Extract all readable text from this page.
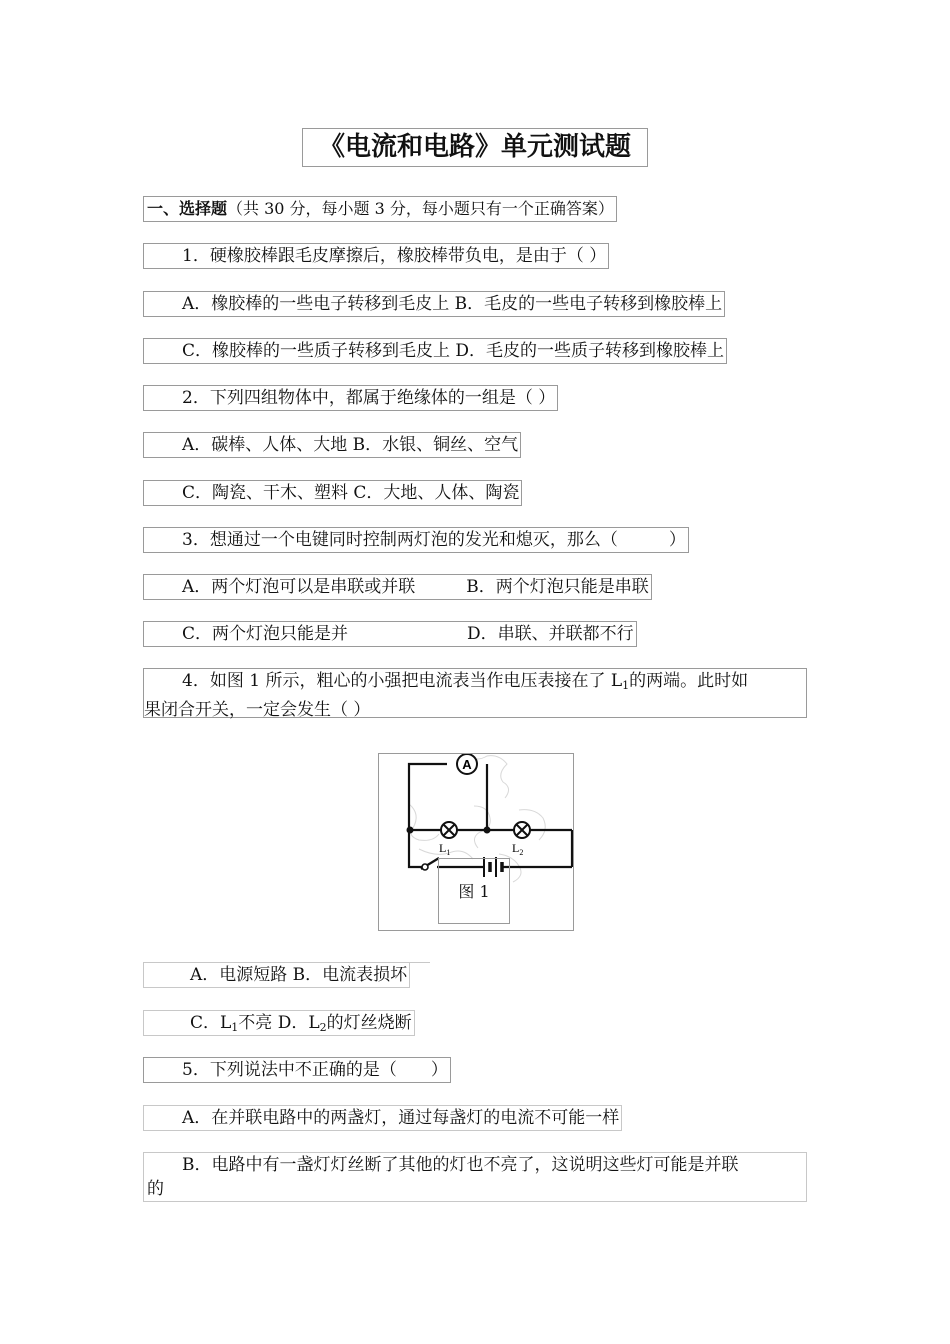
《电流和电路》单元测试题
一、选择题（共 30 分，每小题 3 分，每小题只有一个正确答案）
1．硬橡胶棒跟毛皮摩擦后，橡胶棒带负电，是由于（ ）
A．橡胶棒的一些电子转移到毛皮上 B．毛皮的一些电子转移到橡胶棒上
C．橡胶棒的一些质子转移到毛皮上 D．毛皮的一些质子转移到橡胶棒上
2．下列四组物体中，都属于绝缘体的一组是（ ）
A．碳棒、人体、大地 B．水银、铜丝、空气
C．陶瓷、干木、塑料 C．大地、人体、陶瓷
3．想通过一个电键同时控制两灯泡的发光和熄灭，那么（　　　）
A．两个灯泡可以是串联或并联　　　B．两个灯泡只能是串联
C．两个灯泡只能是并　　　　　　　D．串联、并联都不行
4．如图 1 所示，粗心的小强把电流表当作电压表接在了 $L_1$的两端。此时如
果闭合开关，一定会发生（ ）
A
$L_1$	$L_2$
图 1
A．电源短路 B．电流表损坏
C．$L_1$不亮 D．$L_2$的灯丝烧断
5．下列说法中不正确的是（　　）
A．在并联电路中的两盏灯，通过每盏灯的电流不可能一样
B．电路中有一盏灯灯丝断了其他的灯也不亮了，这说明这些灯可能是并联
的
